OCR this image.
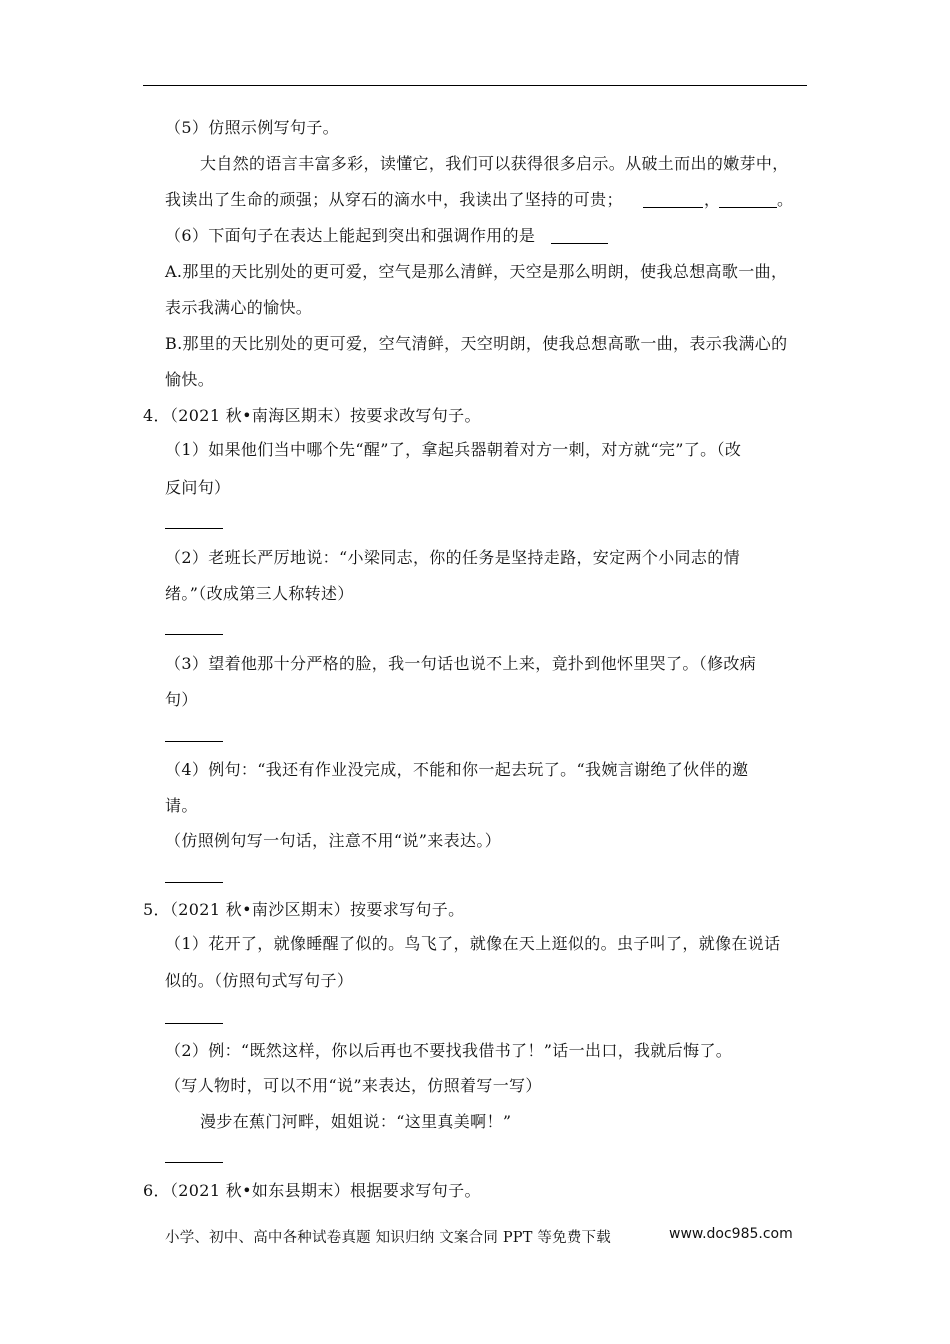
（5）仿照示例写句子。
大自然的语言丰富多彩，读懂它，我们可以获得很多启示。从破土而出的嫩芽中，
我读出了生命的顽强；从穿石的滴水中，我读出了坚持的可贵；	，	。
（6）下面句子在表达上能起到突出和强调作用的是
A.那里的天比别处的更可爱，空气是那么清鲜，天空是那么明朗，使我总想高歌一曲，
表示我满心的愉快。
B.那里的天比别处的更可爱，空气清鲜，天空明朗，使我总想高歌一曲，表示我满心的
愉快。
4．（2021 秋•南海区期末）按要求改写句子。
（1）如果他们当中哪个先“醒”了，拿起兵器朝着对方一刺，对方就“完”了。（改
反问句）
（2）老班长严厉地说：“小梁同志，你的任务是坚持走路，安定两个小同志的情
绪。”（改成第三人称转述）
（3）望着他那十分严格的脸，我一句话也说不上来，竟扑到他怀里哭了。（修改病
句）
（4）例句：“我还有作业没完成，不能和你一起去玩了。“我婉言谢绝了伙伴的邀
请。
（仿照例句写一句话，注意不用“说”来表达。）
5．（2021 秋•南沙区期末）按要求写句子。
（1）花开了，就像睡醒了似的。鸟飞了，就像在天上逛似的。虫子叫了，就像在说话
似的。（仿照句式写句子）
（2）例：“既然这样，你以后再也不要找我借书了！”话一出口，我就后悔了。
（写人物时，可以不用“说”来表达，仿照着写一写）
漫步在蕉门河畔，姐姐说：“这里真美啊！”
6．（2021 秋•如东县期末）根据要求写句子。
小学、初中、高中各种试卷真题 知识归纳 文案合同 PPT 等免费下载	www.doc985.com
